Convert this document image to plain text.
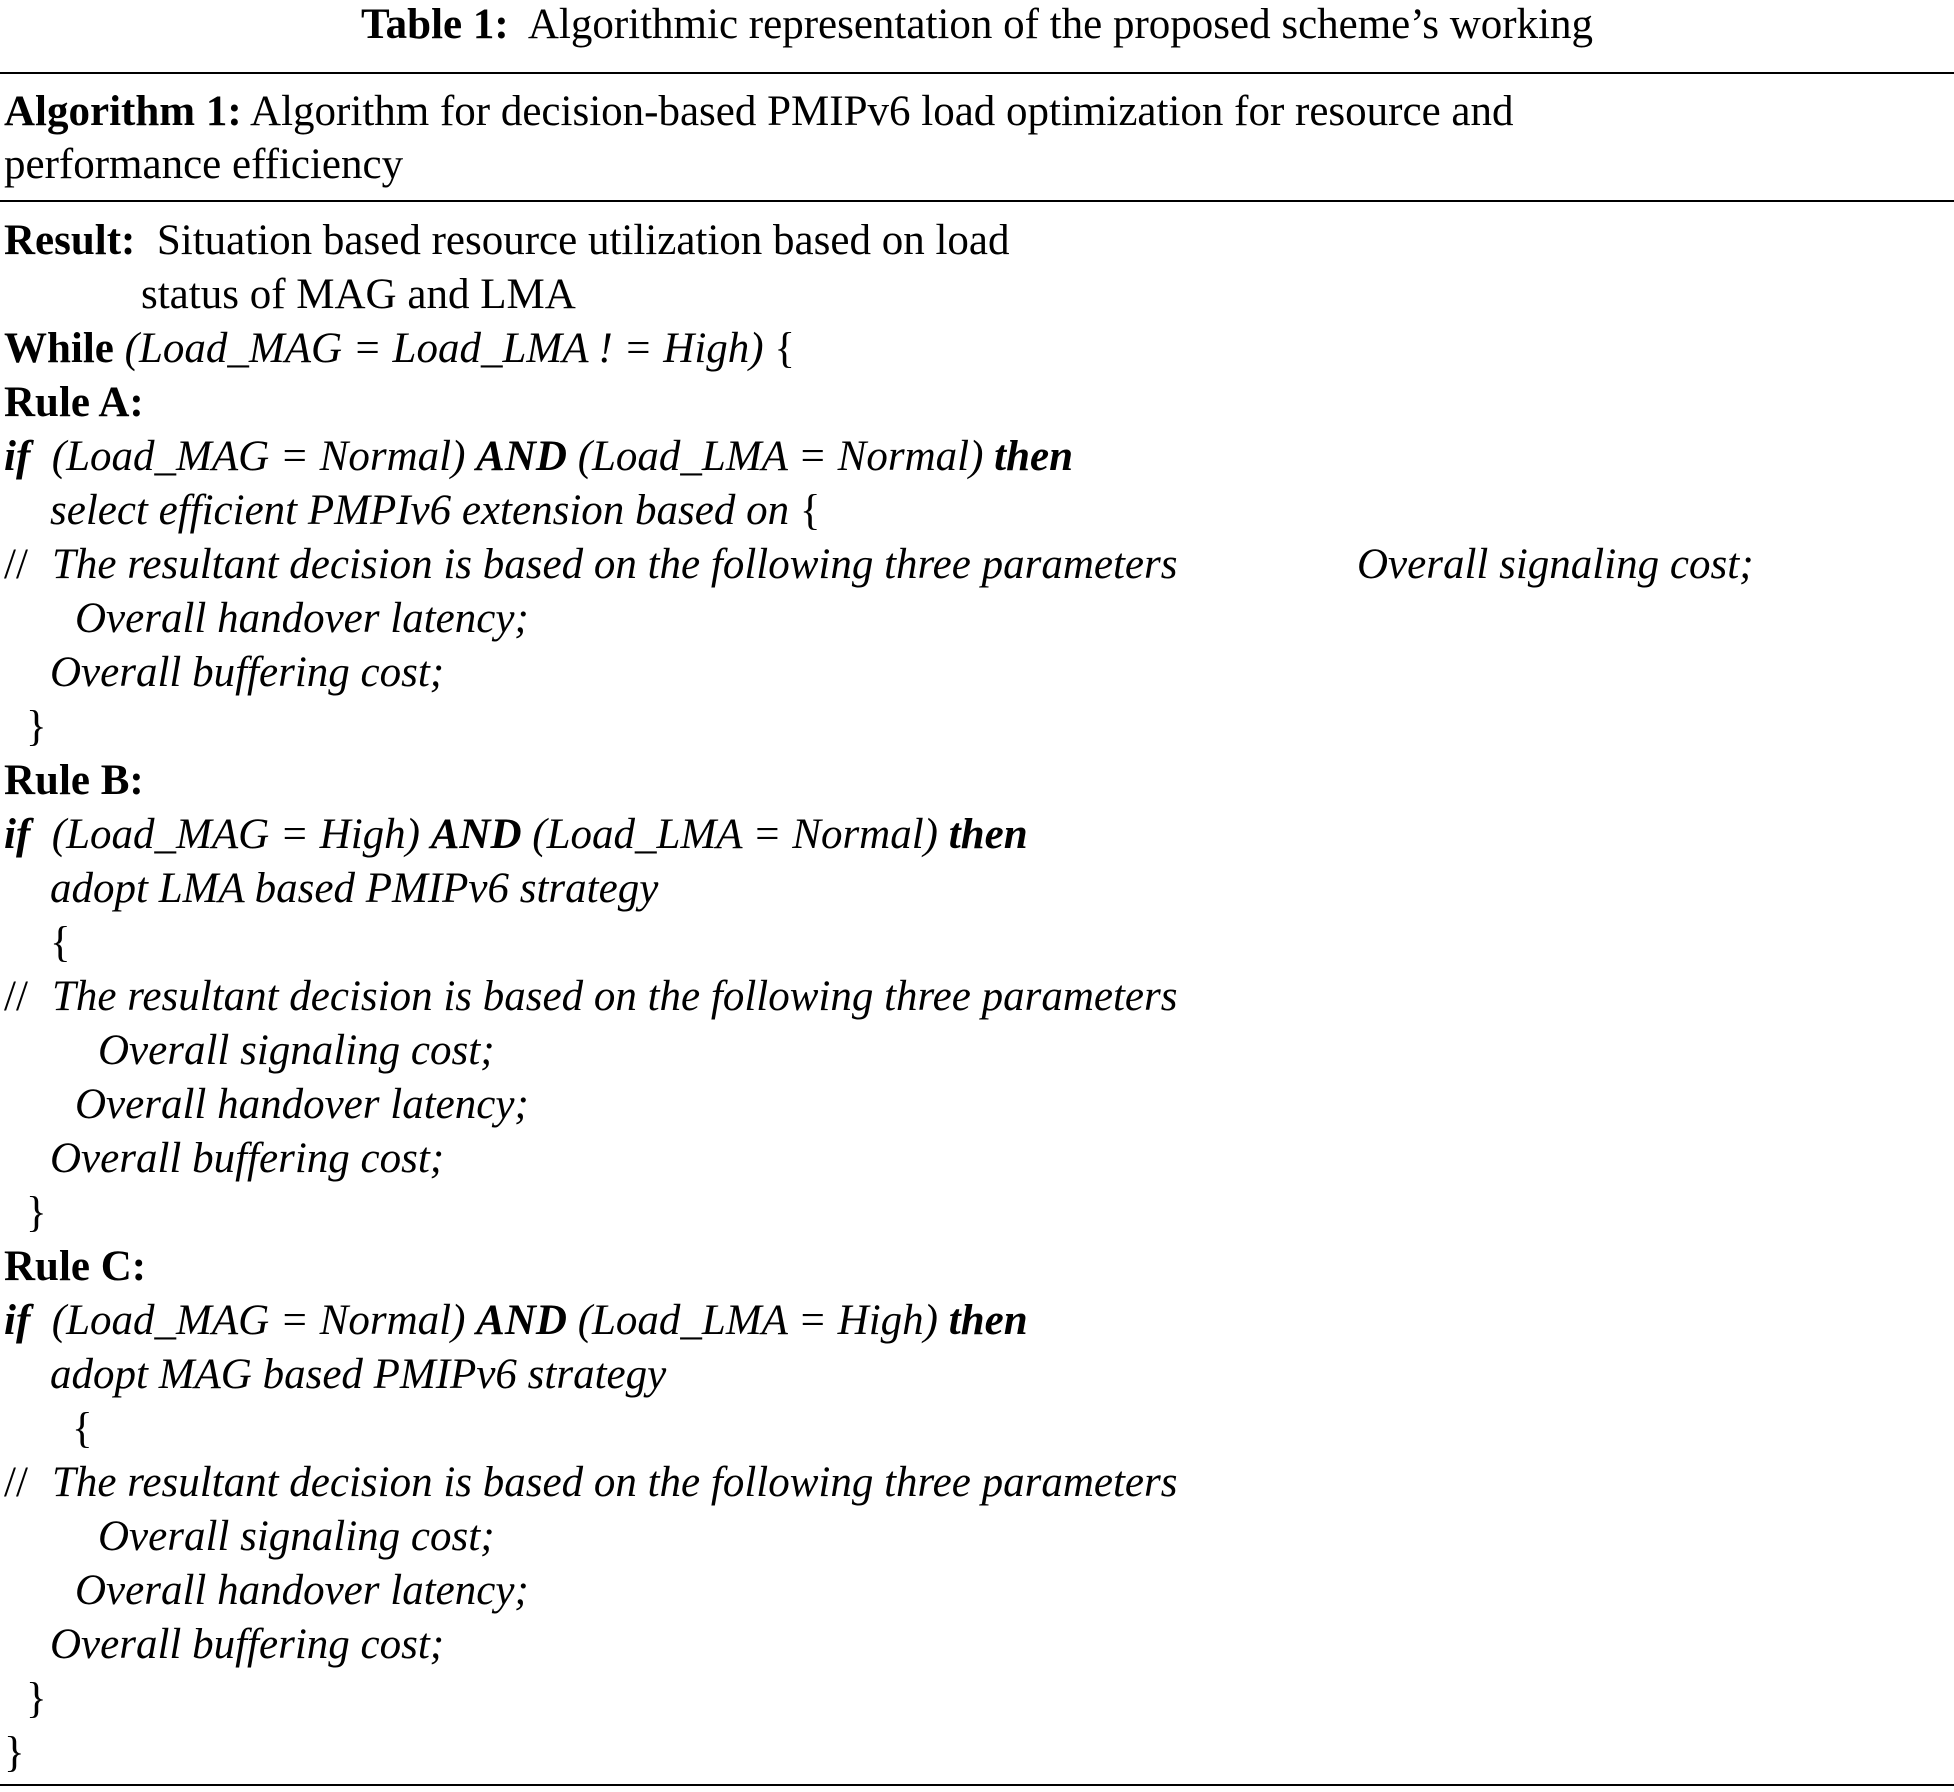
Table 1: Algorithmic representation of the proposed scheme’s working
Algorithm 1: Algorithm for decision-based PMIPv6 load optimization for resource and
performance efficiency
Result: Situation based resource utilization based on load
status of MAG and LMA
While (Load_MAG = Load_LMA ! = High) {
Rule A:
if (Load_MAG = Normal) AND (Load_LMA = Normal) then
select efficient PMPIv6 extension based on {
// The resultant decision is based on the following three parameters	Overall signaling cost;
Overall handover latency;
Overall buffering cost;
}
Rule B:
if (Load_MAG = High) AND (Load_LMA = Normal) then
adopt LMA based PMIPv6 strategy
{
// The resultant decision is based on the following three parameters
Overall signaling cost;
Overall handover latency;
Overall buffering cost;
}
Rule C:
if (Load_MAG = Normal) AND (Load_LMA = High) then
adopt MAG based PMIPv6 strategy
{
// The resultant decision is based on the following three parameters
Overall signaling cost;
Overall handover latency;
Overall buffering cost;
}
}
